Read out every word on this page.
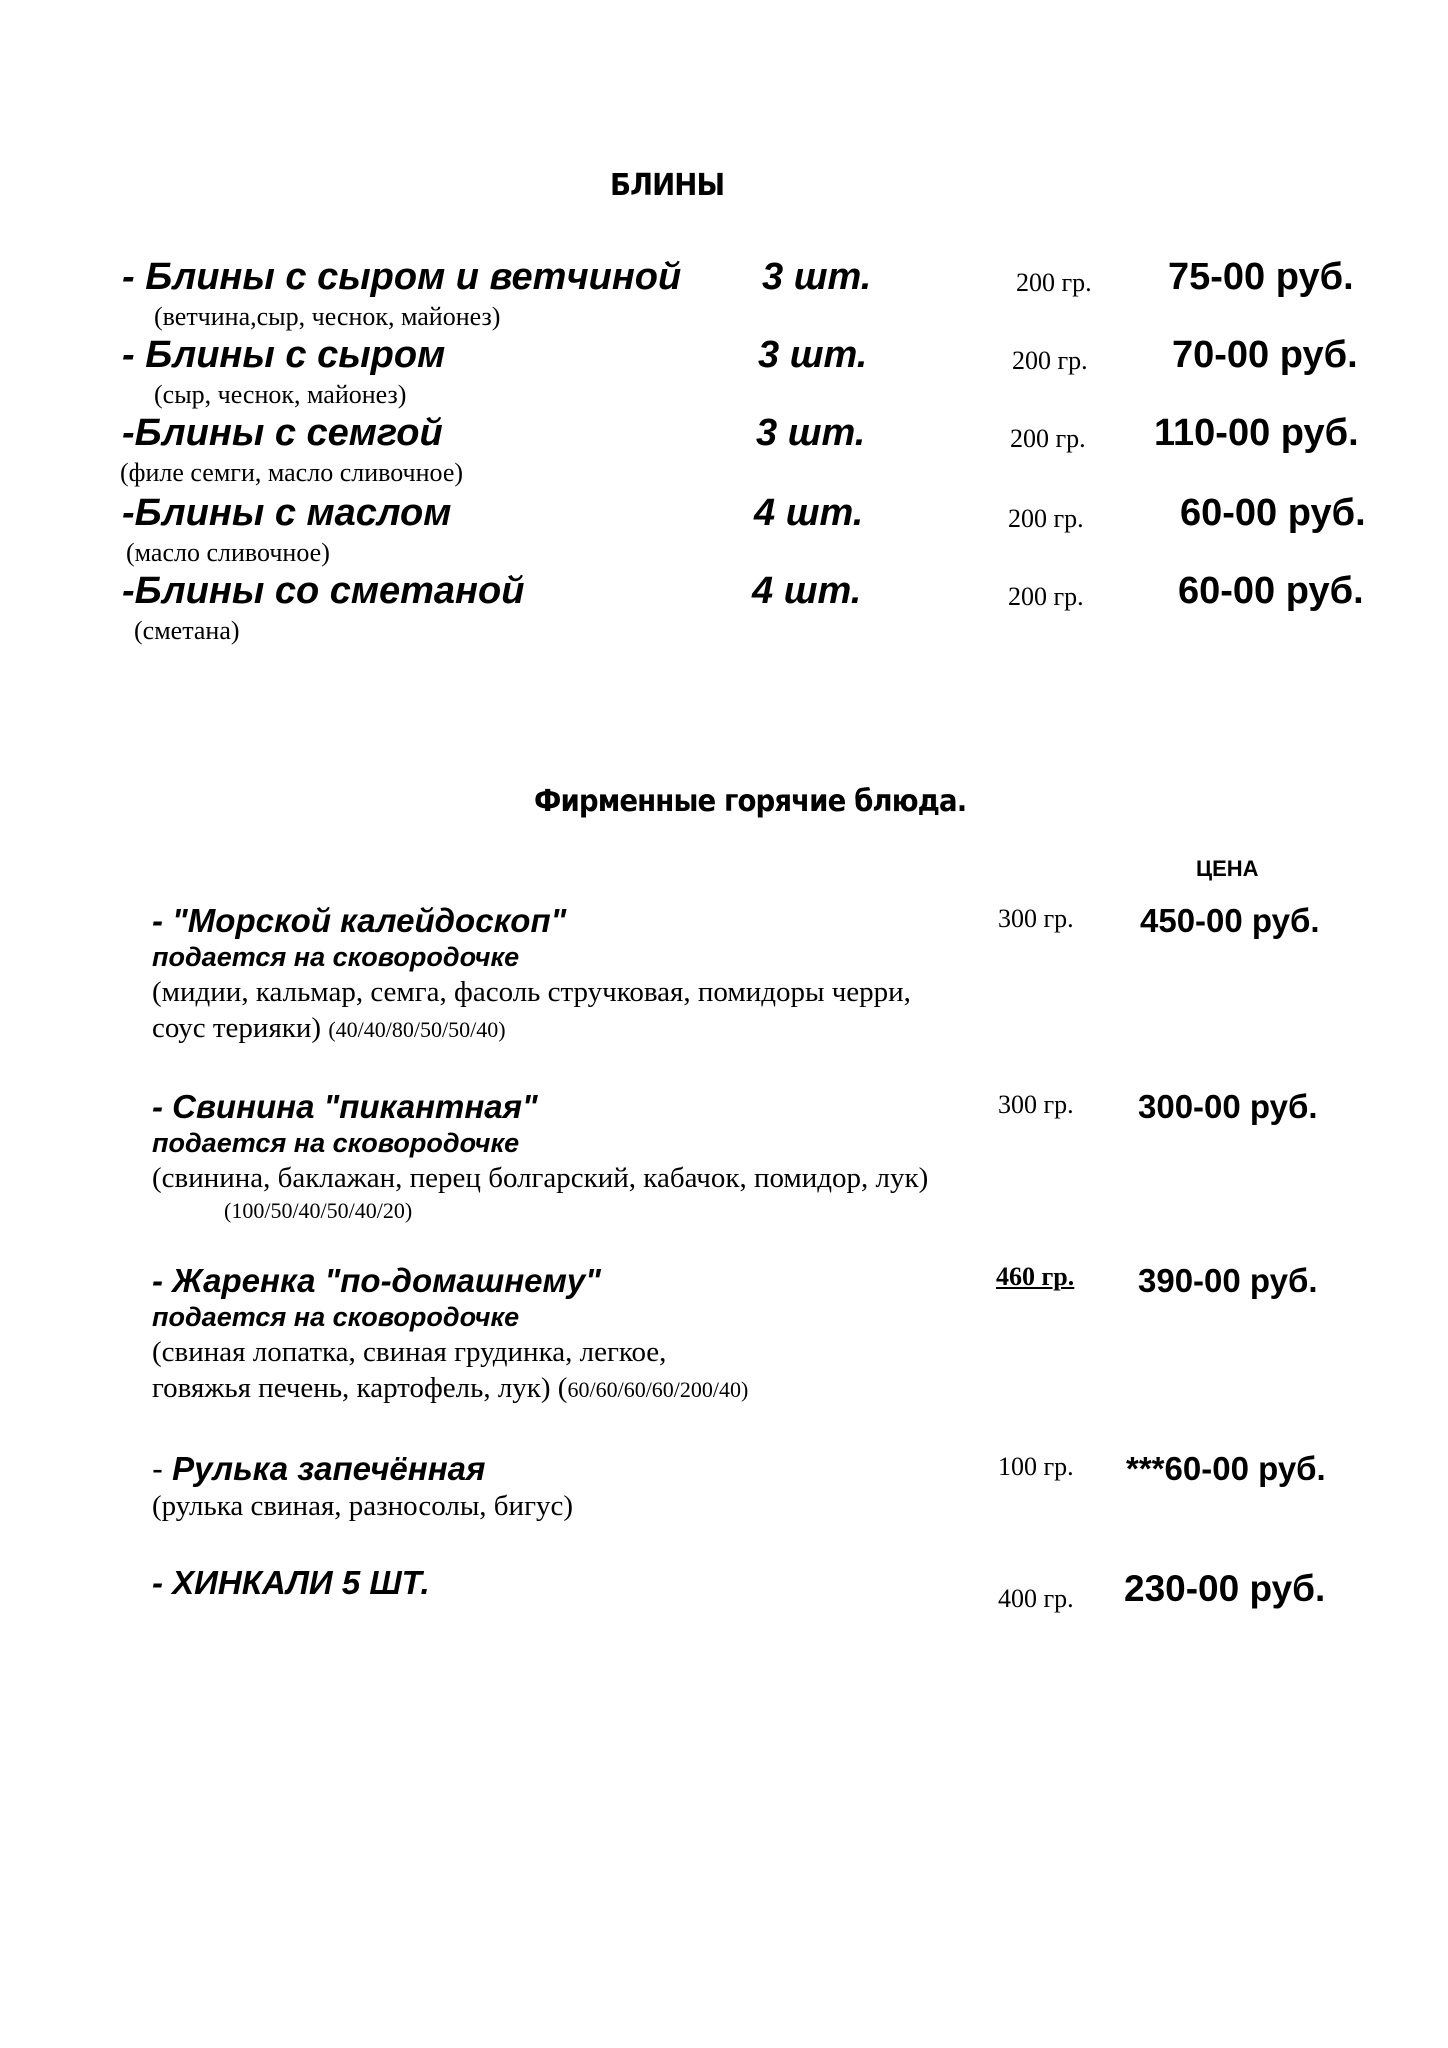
БЛИНЫ
- Блины с сыром и ветчиной 3 шт.	200 гр. 75-00 руб.
(ветчина,сыр, чеснок, майонез)
- Блины с сыром	3 шт.	200 гр. 70-00 руб.
(сыр, чеснок, майонез)
-Блины с семгой	3 шт.	200 гр. 110-00 руб.
(филе семги, масло сливочное)
-Блины с маслом	4 шт.	200 гр.	60-00 руб.
(масло сливочное)
-Блины со сметаной	4 шт.	200 гр. 60-00 руб.
(сметана)
Фирменные горячие блюда.
ЦЕНА
- "Морской калейдоскоп"	300 гр. 450-00 руб.
подается на сковородочке
(мидии, кальмар, семга, фасоль стручковая, помидоры черри,
соус терияки) (40/40/80/50/50/40)
- Свинина "пикантная"	300 гр. 300-00 руб.
подается на сковородочке
(свинина, баклажан, перец болгарский, кабачок, помидор, лук)
(100/50/40/50/40/20)
- Жаренка "по-домашнему"	460 гр. 390-00 руб.
подается на сковородочке
(свиная лопатка, свиная грудинка, легкое,
говяжья печень, картофель, лук) (60/60/60/60/200/40)
- Рулька запечённая	100 гр. ***60-00 руб.
(рулька свиная, разносолы, бигус)
- ХИНКАЛИ 5 ШТ.	400 гр. 230-00 руб.
